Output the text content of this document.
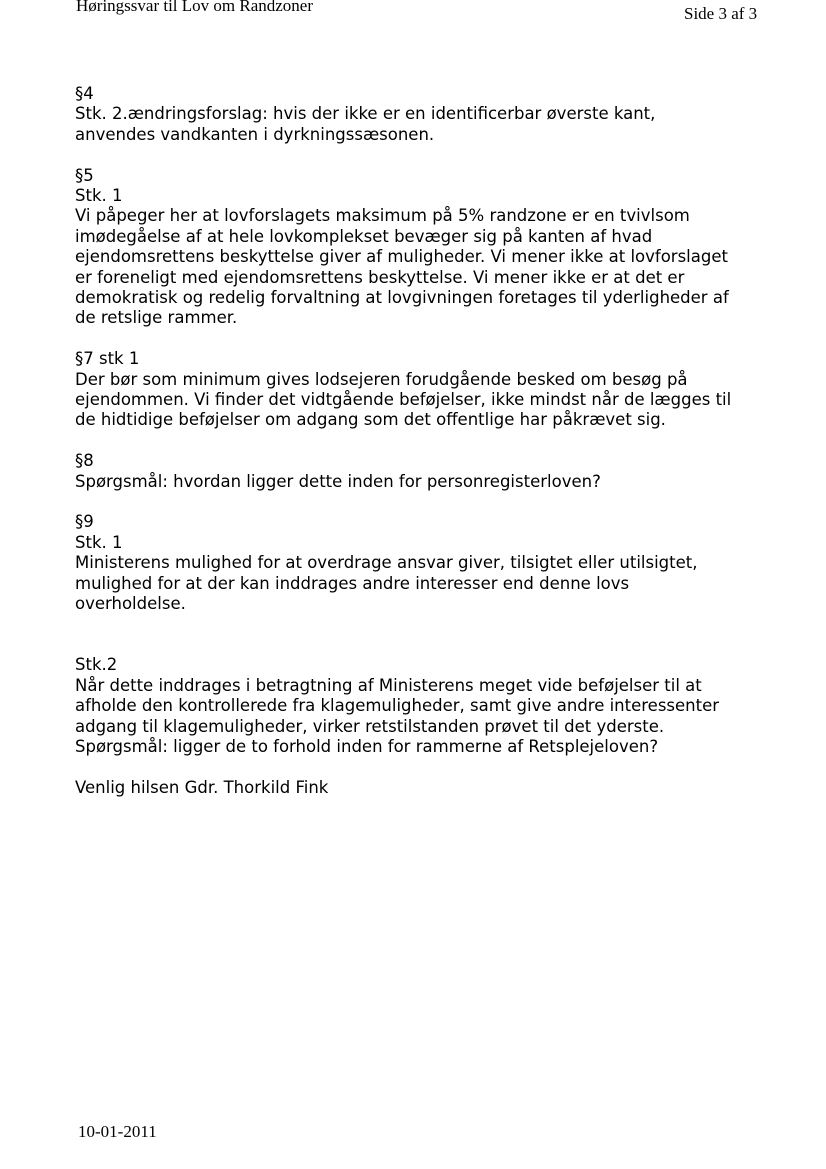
Høringssvar til Lov om Randzoner	Side 3 af 3
§4
Stk. 2.ændringsforslag: hvis der ikke er en identificerbar øverste kant,
anvendes vandkanten i dyrkningssæsonen.
§5
Stk. 1
Vi påpeger her at lovforslagets maksimum på 5% randzone er en tvivlsom
imødegåelse af at hele lovkomplekset bevæger sig på kanten af hvad
ejendomsrettens beskyttelse giver af muligheder. Vi mener ikke at lovforslaget
er foreneligt med ejendomsrettens beskyttelse. Vi mener ikke er at det er
demokratisk og redelig forvaltning at lovgivningen foretages til yderligheder af
de retslige rammer.
§7 stk 1
Der bør som minimum gives lodsejeren forudgående besked om besøg på
ejendommen. Vi finder det vidtgående beføjelser, ikke mindst når de lægges til
de hidtidige beføjelser om adgang som det offentlige har påkrævet sig.
§8
Spørgsmål: hvordan ligger dette inden for personregisterloven?
§9
Stk. 1
Ministerens mulighed for at overdrage ansvar giver, tilsigtet eller utilsigtet,
mulighed for at der kan inddrages andre interesser end denne lovs
overholdelse.
Stk.2
Når dette inddrages i betragtning af Ministerens meget vide beføjelser til at
afholde den kontrollerede fra klagemuligheder, samt give andre interessenter
adgang til klagemuligheder, virker retstilstanden prøvet til det yderste.
Spørgsmål: ligger de to forhold inden for rammerne af Retsplejeloven?
Venlig hilsen Gdr. Thorkild Fink
10-01-2011
